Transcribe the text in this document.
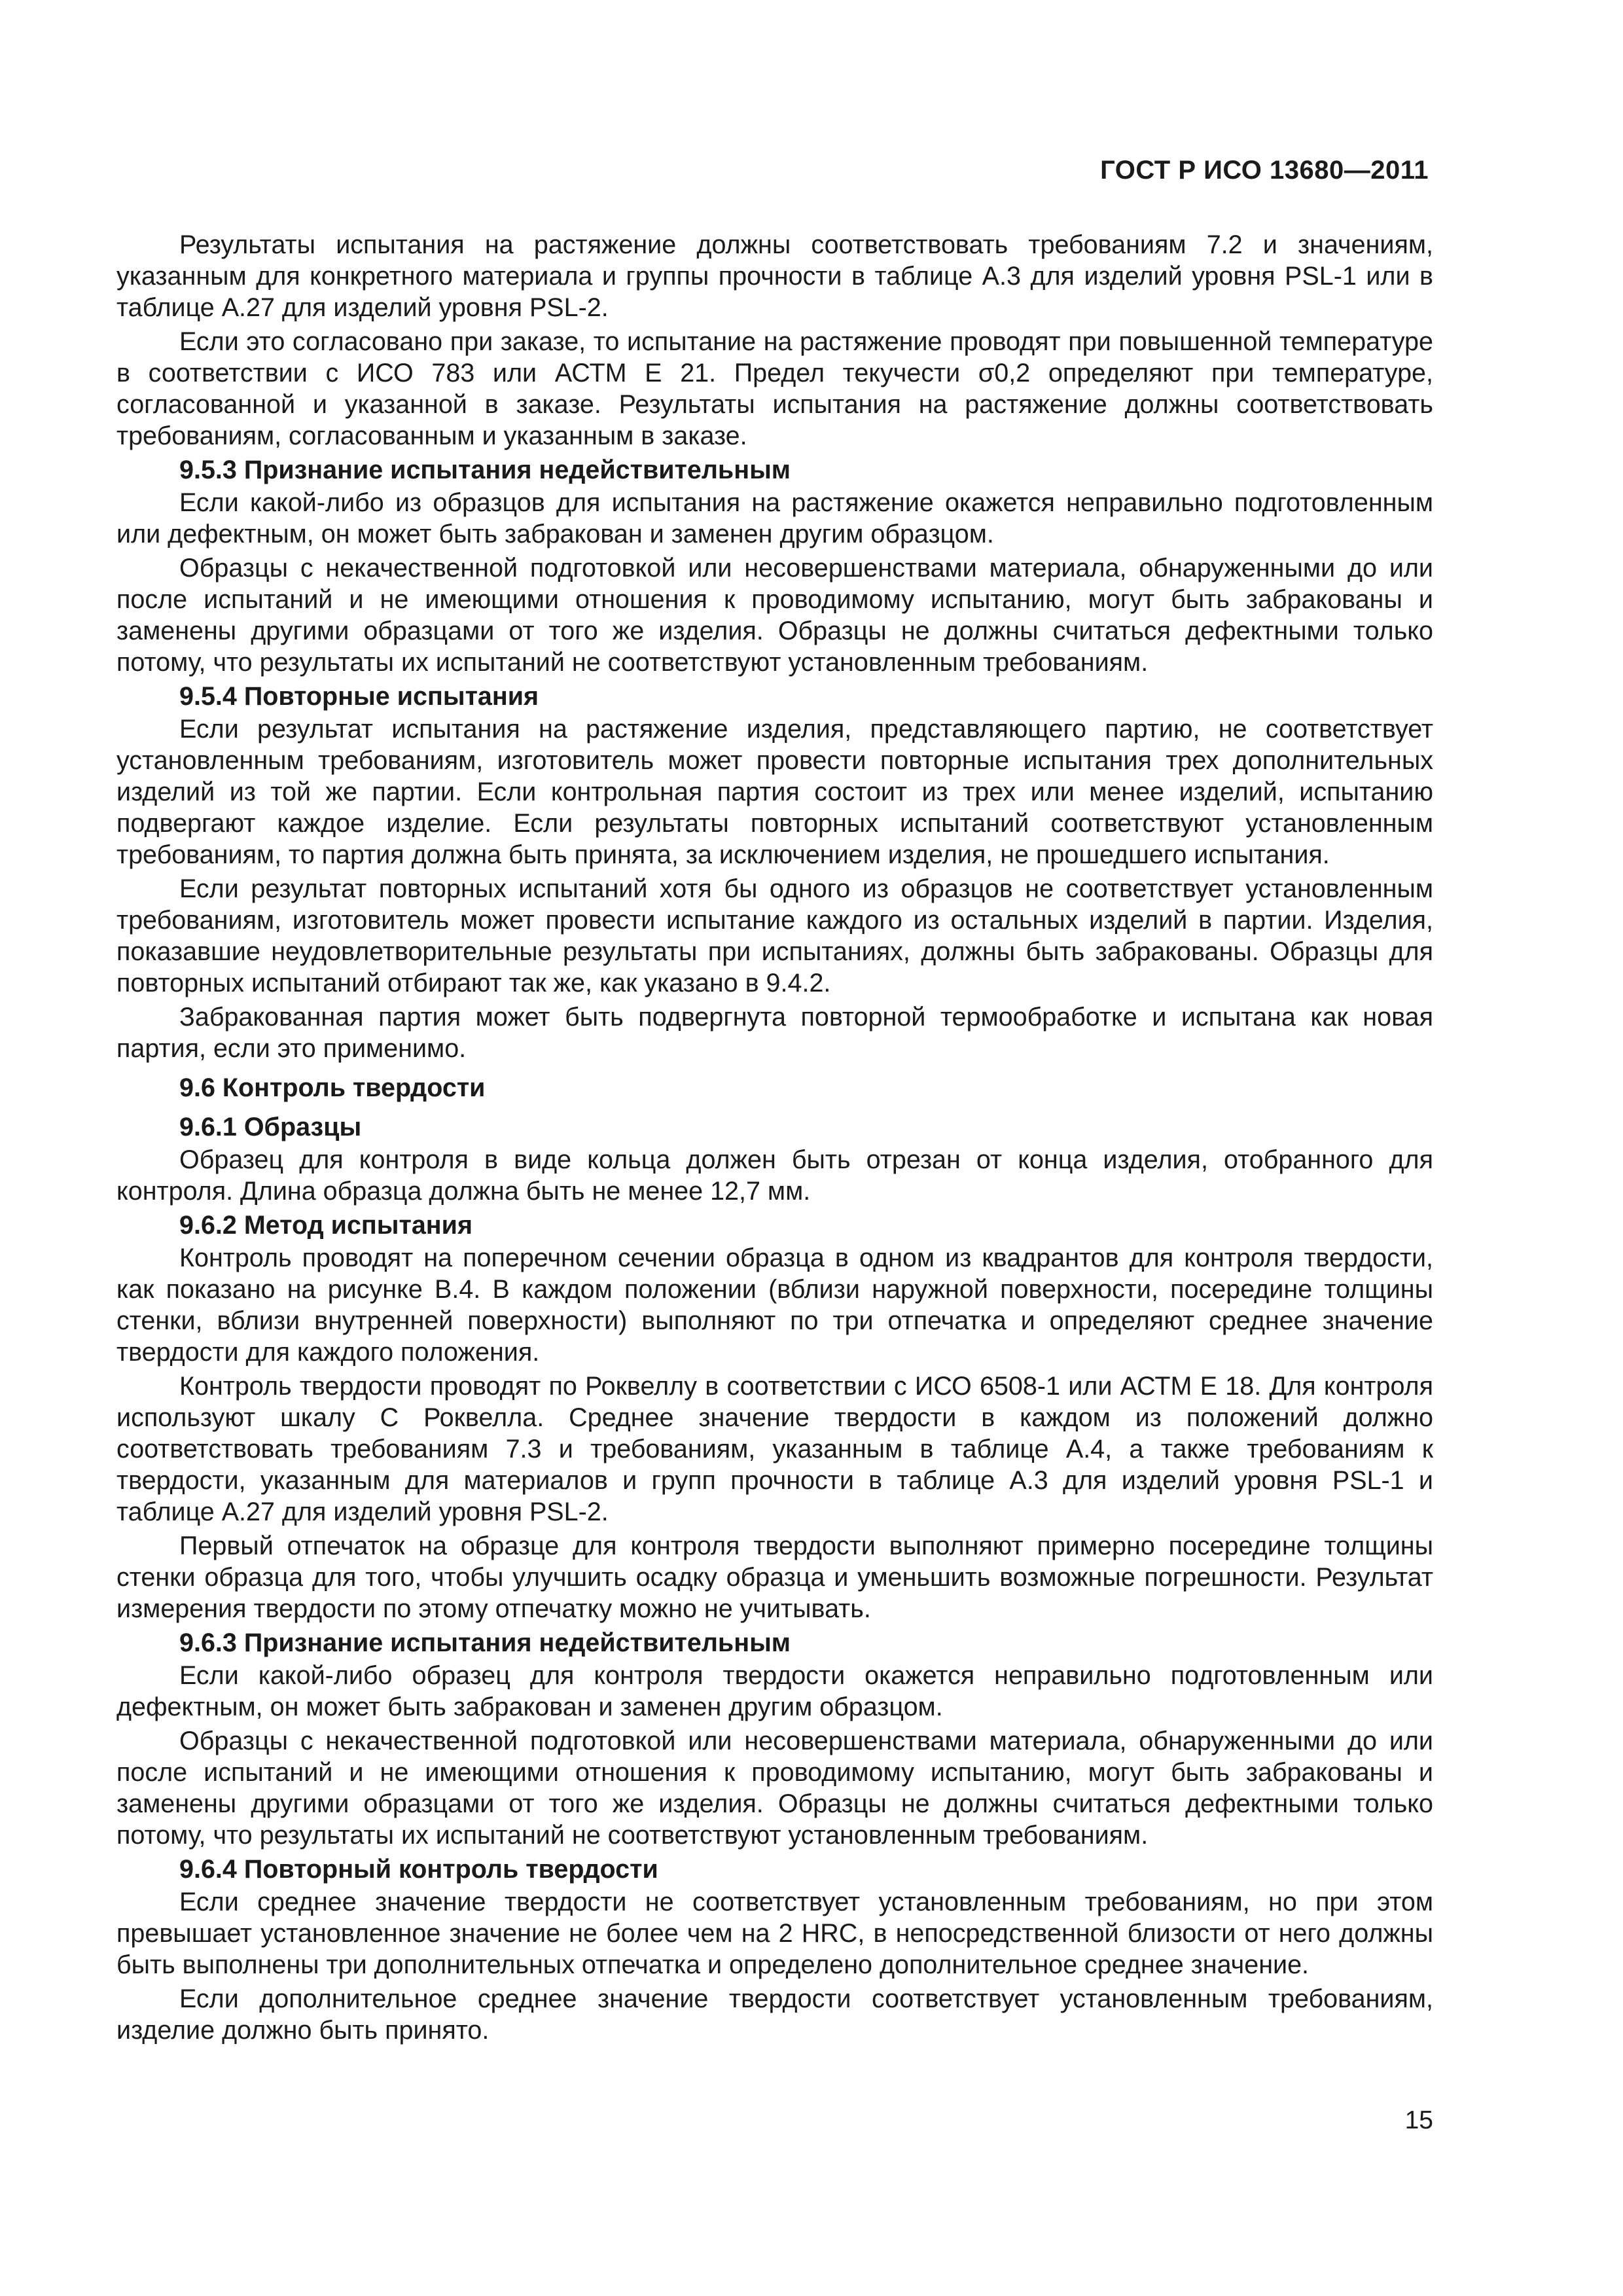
ГОСТ Р ИСО 13680—2011

Результаты испытания на растяжение должны соответствовать требованиям 7.2 и значениям, указанным для конкретного материала и группы прочности в таблице А.3 для изделий уровня PSL-1 или в таблице А.27 для изделий уровня PSL-2.

Если это согласовано при заказе, то испытание на растяжение проводят при повышенной температуре в соответствии с ИСО 783 или АСТМ Е 21. Предел текучести σ0,2 определяют при температуре, согласованной и указанной в заказе. Результаты испытания на растяжение должны соответствовать требованиям, согласованным и указанным в заказе.

9.5.3 Признание испытания недействительным

Если какой-либо из образцов для испытания на растяжение окажется неправильно подготовленным или дефектным, он может быть забракован и заменен другим образцом.

Образцы с некачественной подготовкой или несовершенствами материала, обнаруженными до или после испытаний и не имеющими отношения к проводимому испытанию, могут быть забракованы и заменены другими образцами от того же изделия. Образцы не должны считаться дефектными только потому, что результаты их испытаний не соответствуют установленным требованиям.

9.5.4 Повторные испытания

Если результат испытания на растяжение изделия, представляющего партию, не соответствует установленным требованиям, изготовитель может провести повторные испытания трех дополнительных изделий из той же партии. Если контрольная партия состоит из трех или менее изделий, испытанию подвергают каждое изделие. Если результаты повторных испытаний соответствуют установленным требованиям, то партия должна быть принята, за исключением изделия, не прошедшего испытания.

Если результат повторных испытаний хотя бы одного из образцов не соответствует установленным требованиям, изготовитель может провести испытание каждого из остальных изделий в партии. Изделия, показавшие неудовлетворительные результаты при испытаниях, должны быть забракованы. Образцы для повторных испытаний отбирают так же, как указано в 9.4.2.

Забракованная партия может быть подвергнута повторной термообработке и испытана как новая партия, если это применимо.

9.6 Контроль твердости
9.6.1 Образцы

Образец для контроля в виде кольца должен быть отрезан от конца изделия, отобранного для контроля. Длина образца должна быть не менее 12,7 мм.

9.6.2 Метод испытания

Контроль проводят на поперечном сечении образца в одном из квадрантов для контроля твердости, как показано на рисунке В.4. В каждом положении (вблизи наружной поверхности, посередине толщины стенки, вблизи внутренней поверхности) выполняют по три отпечатка и определяют среднее значение твердости для каждого положения.

Контроль твердости проводят по Роквеллу в соответствии с ИСО 6508-1 или АСТМ Е 18. Для контроля используют шкалу С Роквелла. Среднее значение твердости в каждом из положений должно соответствовать требованиям 7.3 и требованиям, указанным в таблице А.4, а также требованиям к твердости, указанным для материалов и групп прочности в таблице А.3 для изделий уровня PSL-1 и таблице А.27 для изделий уровня PSL-2.

Первый отпечаток на образце для контроля твердости выполняют примерно посередине толщины стенки образца для того, чтобы улучшить осадку образца и уменьшить возможные погрешности. Результат измерения твердости по этому отпечатку можно не учитывать.

9.6.3 Признание испытания недействительным

Если какой-либо образец для контроля твердости окажется неправильно подготовленным или дефектным, он может быть забракован и заменен другим образцом.

Образцы с некачественной подготовкой или несовершенствами материала, обнаруженными до или после испытаний и не имеющими отношения к проводимому испытанию, могут быть забракованы и заменены другими образцами от того же изделия. Образцы не должны считаться дефектными только потому, что результаты их испытаний не соответствуют установленным требованиям.

9.6.4 Повторный контроль твердости

Если среднее значение твердости не соответствует установленным требованиям, но при этом превышает установленное значение не более чем на 2 HRC, в непосредственной близости от него должны быть выполнены три дополнительных отпечатка и определено дополнительное среднее значение.

Если дополнительное среднее значение твердости соответствует установленным требованиям, изделие должно быть принято.

15
